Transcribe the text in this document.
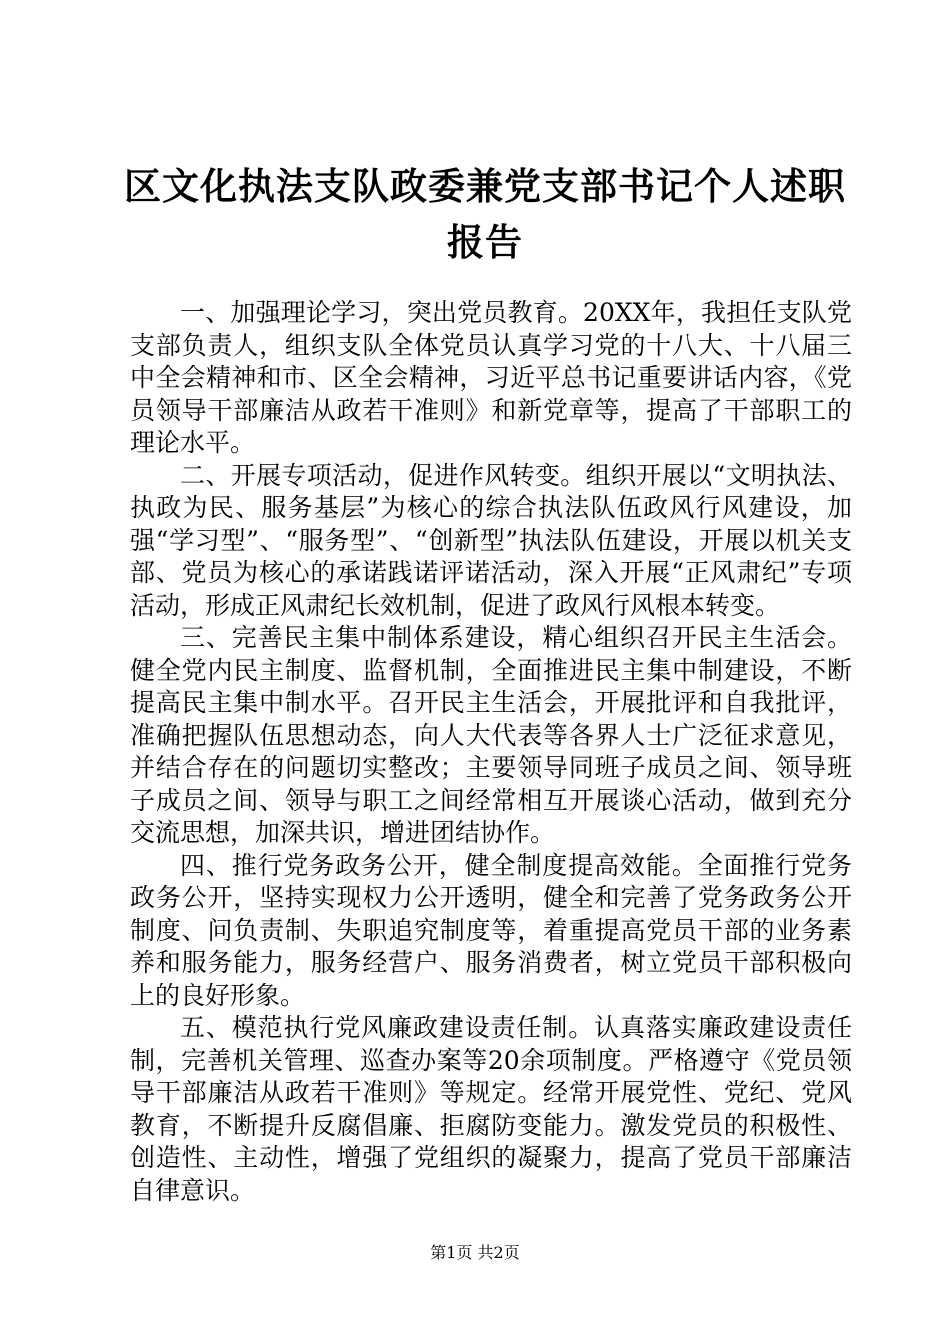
区文化执法支队政委兼党支部书记个人述职报告

一、加强理论学习，突出党员教育。20XX年，我担任支队党支部负责人，组织支队全体党员认真学习党的十八大、十八届三中全会精神和市、区全会精神，习近平总书记重要讲话内容，《党员领导干部廉洁从政若干准则》和新党章等，提高了干部职工的理论水平。

二、开展专项活动，促进作风转变。组织开展以“文明执法、执政为民、服务基层”为核心的综合执法队伍政风行风建设，加强“学习型”、“服务型”、“创新型”执法队伍建设，开展以机关支部、党员为核心的承诺践诺评诺活动，深入开展“正风肃纪”专项活动，形成正风肃纪长效机制，促进了政风行风根本转变。

三、完善民主集中制体系建设，精心组织召开民主生活会。健全党内民主制度、监督机制，全面推进民主集中制建设，不断提高民主集中制水平。召开民主生活会，开展批评和自我批评，准确把握队伍思想动态，向人大代表等各界人士广泛征求意见，并结合存在的问题切实整改；主要领导同班子成员之间、领导班子成员之间、领导与职工之间经常相互开展谈心活动，做到充分交流思想，加深共识，增进团结协作。

四、推行党务政务公开，健全制度提高效能。全面推行党务政务公开，坚持实现权力公开透明，健全和完善了党务政务公开制度、问负责制、失职追究制度等，着重提高党员干部的业务素养和服务能力，服务经营户、服务消费者，树立党员干部积极向上的良好形象。

五、模范执行党风廉政建设责任制。认真落实廉政建设责任制，完善机关管理、巡查办案等20余项制度。严格遵守《党员领导干部廉洁从政若干准则》等规定。经常开展党性、党纪、党风教育，不断提升反腐倡廉、拒腐防变能力。激发党员的积极性、创造性、主动性，增强了党组织的凝聚力，提高了党员干部廉洁自律意识。

第1页 共2页
